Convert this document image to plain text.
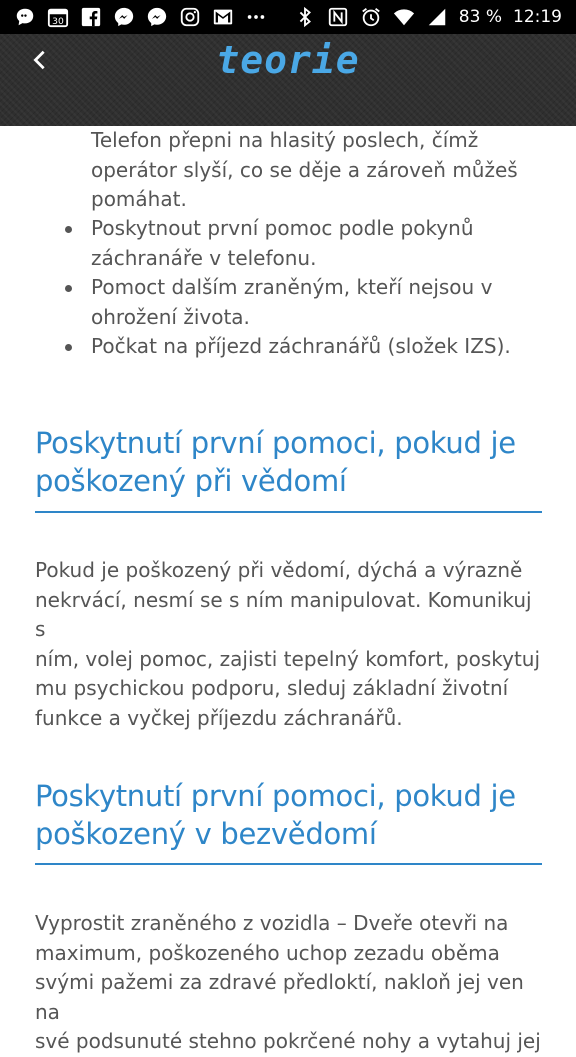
30	83 % 12:19
teorie
Telefon přepni na hlasitý poslech, čímž
operátor slyší, co se děje a zároveň můžeš
pomáhat.
Poskytnout první pomoc podle pokynů
záchranáře v telefonu.
Pomoct dalším zraněným, kteří nejsou v
ohrožení života.
Počkat na příjezd záchranářů (složek IZS).
Poskytnutí první pomoci, pokud je
poškozený při vědomí
Pokud je poškozený při vědomí, dýchá a výrazně
nekrvácí, nesmí se s ním manipulovat. Komunikuj s
ním, volej pomoc, zajisti tepelný komfort, poskytuj
mu psychickou podporu, sleduj základní životní
funkce a vyčkej příjezdu záchranářů.
Poskytnutí první pomoci, pokud je
poškozený v bezvědomí
Vyprostit zraněného z vozidla – Dveře otevři na
maximum, poškozeného uchop zezadu oběma
svými pažemi za zdravé předloktí, nakloň jej ven na
své podsunuté stehno pokrčené nohy a vytahuj jej
